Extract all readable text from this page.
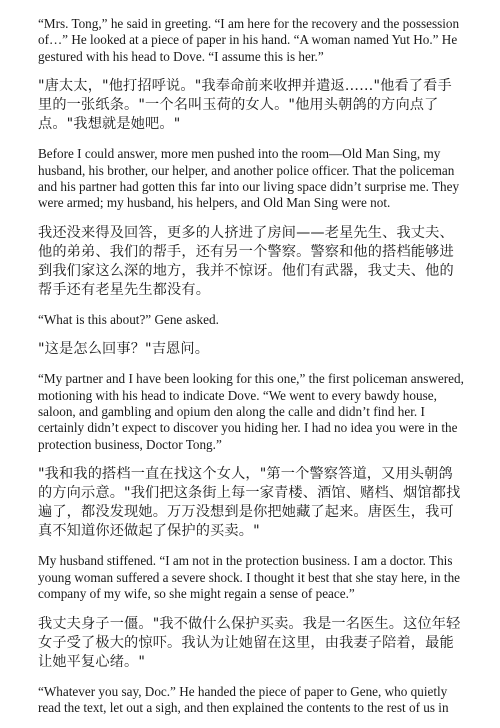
“Mrs. Tong,” he said in greeting. “I am here for the recovery and the possession of…” He looked at a piece of paper in his hand. “A woman named Yut Ho.” He gestured with his head to Dove. “I assume this is her.”

"唐太太，"他打招呼说。"我奉命前来收押并遣返……"他看了看手里的一张纸条。"一个名叫玉荷的女人。"他用头朝鸽的方向点了点。"我想就是她吧。"

Before I could answer, more men pushed into the room—Old Man Sing, my husband, his brother, our helper, and another police officer. That the policeman and his partner had gotten this far into our living space didn’t surprise me. They were armed; my husband, his helpers, and Old Man Sing were not.

我还没来得及回答，更多的人挤进了房间——老星先生、我丈夫、他的弟弟、我们的帮手，还有另一个警察。警察和他的搭档能够进到我们家这么深的地方，我并不惊讶。他们有武器，我丈夫、他的帮手还有老星先生都没有。

“What is this about?” Gene asked.

"这是怎么回事？"吉恩问。

“My partner and I have been looking for this one,” the first policeman answered, motioning with his head to indicate Dove. “We went to every bawdy house, saloon, and gambling and opium den along the calle and didn’t find her. I certainly didn’t expect to discover you hiding her. I had no idea you were in the protection business, Doctor Tong.”

"我和我的搭档一直在找这个女人，"第一个警察答道，又用头朝鸽的方向示意。"我们把这条街上每一家青楼、酒馆、赌档、烟馆都找遍了，都没发现她。万万没想到是你把她藏了起来。唐医生，我可真不知道你还做起了保护的买卖。"

My husband stiffened. “I am not in the protection business. I am a doctor. This young woman suffered a severe shock. I thought it best that she stay here, in the company of my wife, so she might regain a sense of peace.”

我丈夫身子一僵。"我不做什么保护买卖。我是一名医生。这位年轻女子受了极大的惊吓。我认为让她留在这里，由我妻子陪着，最能让她平复心绪。"

“Whatever you say, Doc.” He handed the piece of paper to Gene, who quietly read the text, let out a sigh, and then explained the contents to the rest of us in
